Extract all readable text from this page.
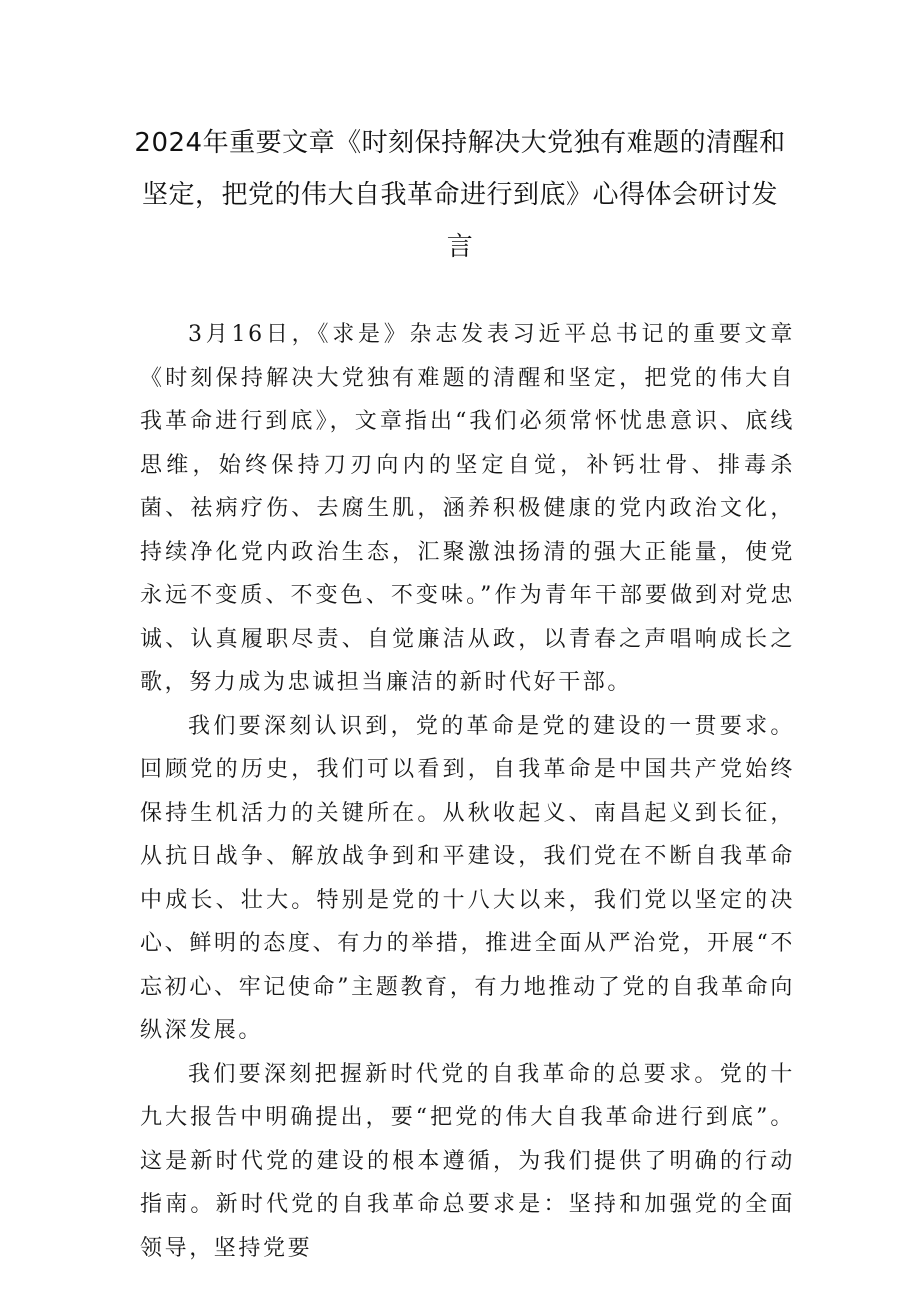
2024年重要文章《时刻保持解决大党独有难题的清醒和坚定，把党的伟大自我革命进行到底》心得体会研讨发言

3月16日，《求是》杂志发表习近平总书记的重要文章《时刻保持解决大党独有难题的清醒和坚定，把党的伟大自我革命进行到底》，文章指出“我们必须常怀忧患意识、底线思维，始终保持刀刃向内的坚定自觉，补钙壮骨、排毒杀菌、祛病疗伤、去腐生肌，涵养积极健康的党内政治文化，持续净化党内政治生态，汇聚激浊扬清的强大正能量，使党永远不变质、不变色、不变味。”作为青年干部要做到对党忠诚、认真履职尽责、自觉廉洁从政，以青春之声唱响成长之歌，努力成为忠诚担当廉洁的新时代好干部。

我们要深刻认识到，党的革命是党的建设的一贯要求。回顾党的历史，我们可以看到，自我革命是中国共产党始终保持生机活力的关键所在。从秋收起义、南昌起义到长征，从抗日战争、解放战争到和平建设，我们党在不断自我革命中成长、壮大。特别是党的十八大以来，我们党以坚定的决心、鲜明的态度、有力的举措，推进全面从严治党，开展“不忘初心、牢记使命”主题教育，有力地推动了党的自我革命向纵深发展。

我们要深刻把握新时代党的自我革命的总要求。党的十九大报告中明确提出，要“把党的伟大自我革命进行到底”。这是新时代党的建设的根本遵循，为我们提供了明确的行动指南。新时代党的自我革命总要求是：坚持和加强党的全面领导，坚持党要
